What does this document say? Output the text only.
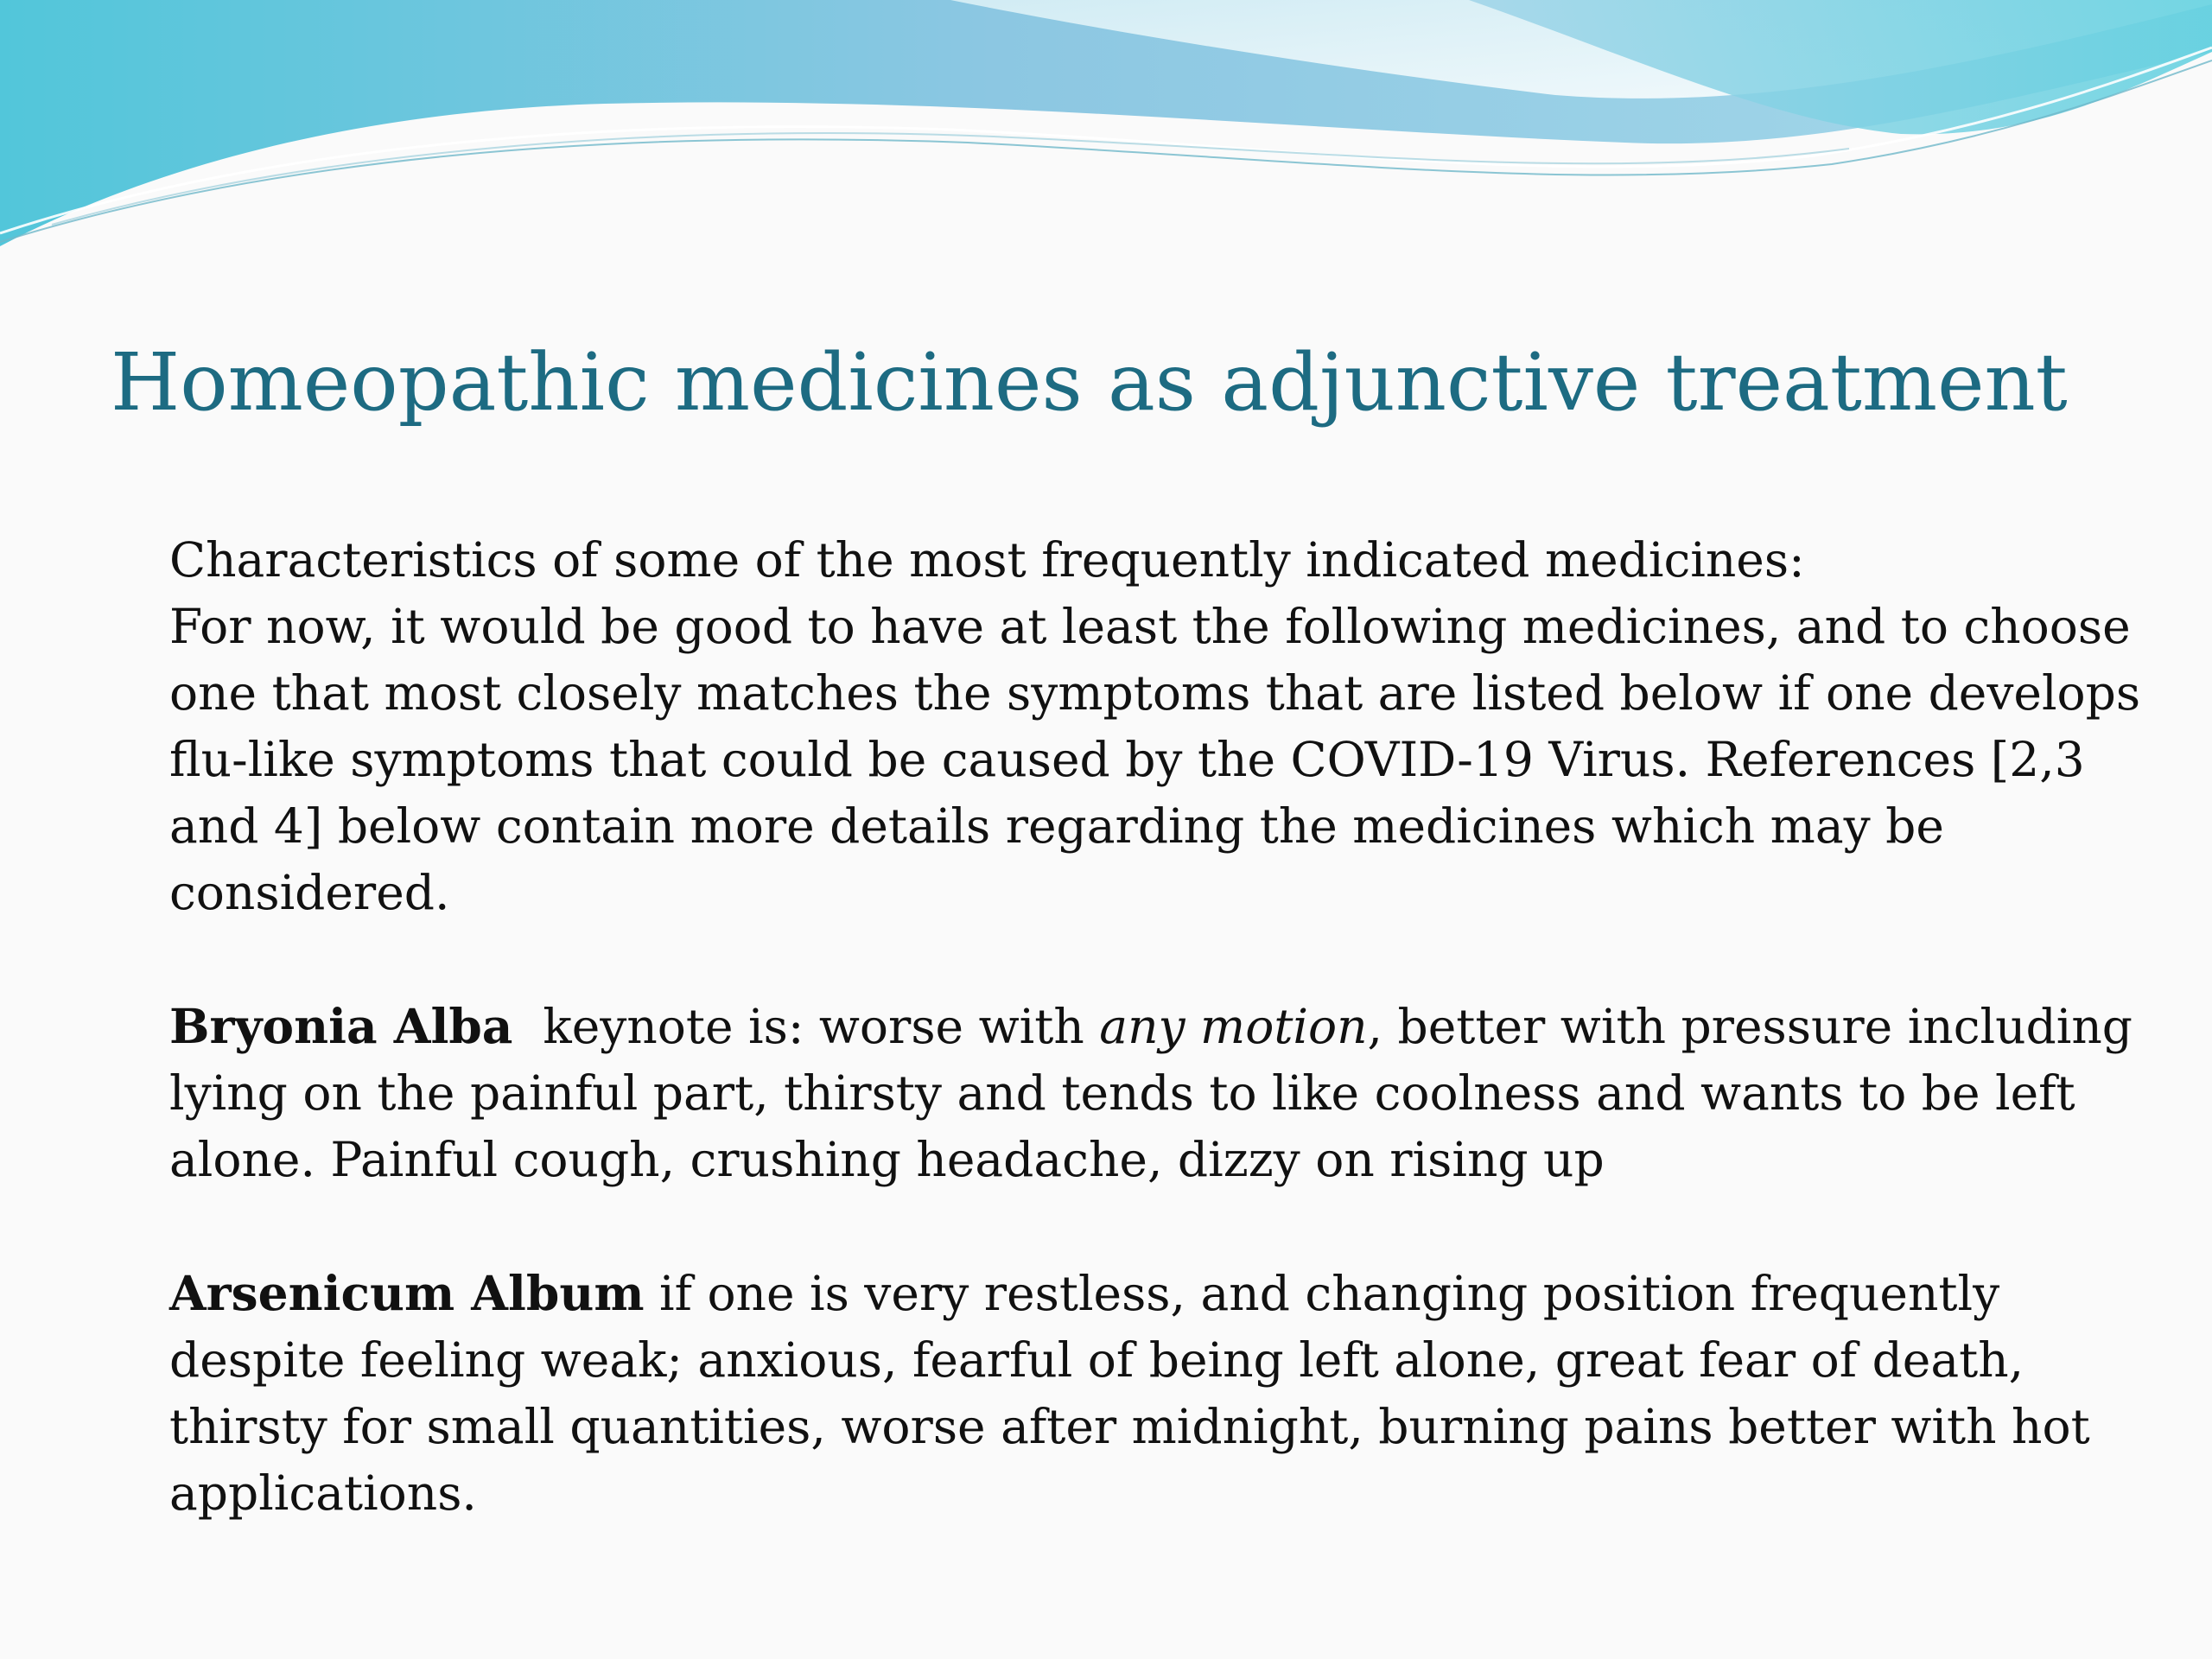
Homeopathic medicines as adjunctive treatment

Characteristics of some of the most frequently indicated medicines:

For now, it would be good to have at least the following medicines, and to choose one that most closely matches the symptoms that are listed below if one develops flu-like symptoms that could be caused by the COVID-19 Virus. References [2,3 and 4] below contain more details regarding the medicines which may be considered.

Bryonia Alba keynote is: worse with any motion, better with pressure including lying on the painful part, thirsty and tends to like coolness and wants to be left alone. Painful cough, crushing headache, dizzy on rising up

Arsenicum Album if one is very restless, and changing position frequently despite feeling weak; anxious, fearful of being left alone, great fear of death, thirsty for small quantities, worse after midnight, burning pains better with hot applications.
